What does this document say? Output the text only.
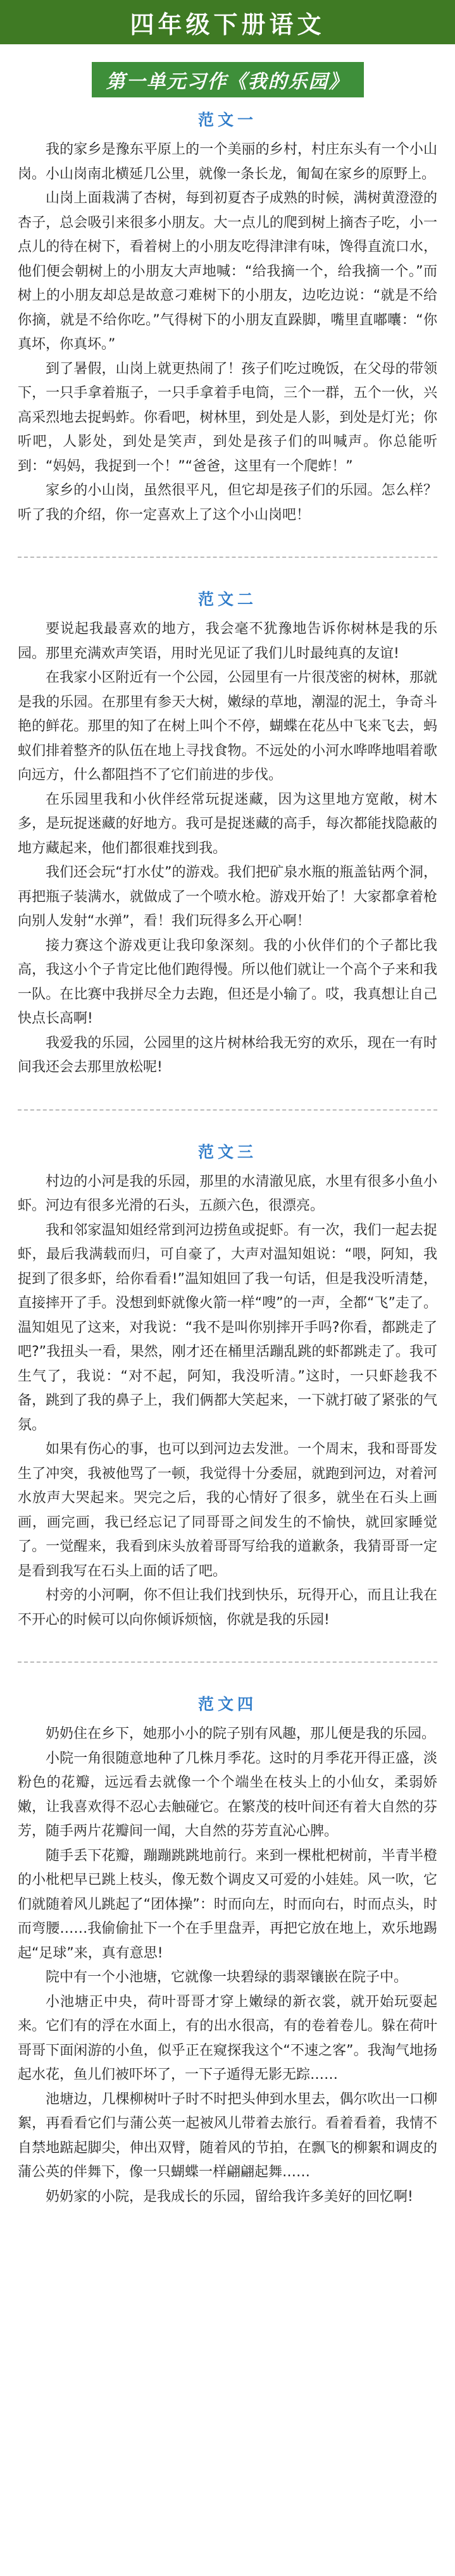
四年级下册语文
第一单元习作《我的乐园》
范文一

我的家乡是豫东平原上的一个美丽的乡村，村庄东头有一个小山岗。小山岗南北横延几公里，就像一条长龙，匍匐在家乡的原野上。

山岗上面栽满了杏树，每到初夏杏子成熟的时候，满树黄澄澄的杏子，总会吸引来很多小朋友。大一点儿的爬到树上摘杏子吃，小一点儿的待在树下，看着树上的小朋友吃得津津有味，馋得直流口水，他们便会朝树上的小朋友大声地喊：“给我摘一个，给我摘一个。”而树上的小朋友却总是故意刁难树下的小朋友，边吃边说：“就是不给你摘，就是不给你吃。”气得树下的小朋友直跺脚，嘴里直嘟囔：“你真坏，你真坏。”

到了暑假，山岗上就更热闹了！孩子们吃过晚饭，在父母的带领下，一只手拿着瓶子，一只手拿着手电筒，三个一群，五个一伙，兴高采烈地去捉蚂蚱。你看吧，树林里，到处是人影，到处是灯光；你听吧，人影处，到处是笑声，到处是孩子们的叫喊声。你总能听到：“妈妈，我捉到一个！”“爸爸，这里有一个爬蚱！”

家乡的小山岗，虽然很平凡，但它却是孩子们的乐园。怎么样？听了我的介绍，你一定喜欢上了这个小山岗吧！

范文二

要说起我最喜欢的地方，我会毫不犹豫地告诉你树林是我的乐园。那里充满欢声笑语，用时光见证了我们儿时最纯真的友谊!

在我家小区附近有一个公园，公园里有一片很茂密的树林，那就是我的乐园。在那里有参天大树，嫩绿的草地，潮湿的泥土，争奇斗艳的鲜花。那里的知了在树上叫个不停，蝴蝶在花丛中飞来飞去，蚂蚁们排着整齐的队伍在地上寻找食物。不远处的小河水哗哗地唱着歌向远方，什么都阻挡不了它们前进的步伐。

在乐园里我和小伙伴经常玩捉迷藏，因为这里地方宽敞，树木多，是玩捉迷藏的好地方。我可是捉迷藏的高手，每次都能找隐蔽的地方藏起来，他们都很难找到我。

我们还会玩“打水仗”的游戏。我们把矿泉水瓶的瓶盖钻两个洞，再把瓶子装满水，就做成了一个喷水枪。游戏开始了！大家都拿着枪向别人发射“水弹”，看！我们玩得多么开心啊！

接力赛这个游戏更让我印象深刻。我的小伙伴们的个子都比我高，我这小个子肯定比他们跑得慢。所以他们就让一个高个子来和我一队。在比赛中我拼尽全力去跑，但还是小输了。哎，我真想让自己快点长高啊!

我爱我的乐园，公园里的这片树林给我无穷的欢乐，现在一有时间我还会去那里放松呢!

范文三

村边的小河是我的乐园，那里的水清澈见底，水里有很多小鱼小虾。河边有很多光滑的石头，五颜六色，很漂亮。

我和邻家温知姐经常到河边捞鱼或捉虾。有一次，我们一起去捉虾，最后我满载而归，可自豪了，大声对温知姐说：“喂，阿知，我捉到了很多虾，给你看看!”温知姐回了我一句话，但是我没听清楚，直接摔开了手。没想到虾就像火箭一样“嗖”的一声，全都“飞”走了。温知姐见了这来，对我说：“我不是叫你别摔开手吗?你看，都跳走了吧?”我扭头一看，果然，刚才还在桶里活蹦乱跳的虾都跳走了。我可生气了，我说：“对不起，阿知，我没听清。”这时，一只虾趁我不备，跳到了我的鼻子上，我们俩都大笑起来，一下就打破了紧张的气氛。

如果有伤心的事，也可以到河边去发泄。一个周末，我和哥哥发生了冲突，我被他骂了一顿，我觉得十分委屈，就跑到河边，对着河水放声大哭起来。哭完之后，我的心情好了很多，就坐在石头上画画，画完画，我已经忘记了同哥哥之间发生的不愉快，就回家睡觉了。一觉醒来，我看到床头放着哥哥写给我的道歉条，我猜哥哥一定是看到我写在石头上面的话了吧。

村旁的小河啊，你不但让我们找到快乐，玩得开心，而且让我在不开心的时候可以向你倾诉烦恼，你就是我的乐园!

范文四

奶奶住在乡下，她那小小的院子别有风趣，那儿便是我的乐园。

小院一角很随意地种了几株月季花。这时的月季花开得正盛，淡粉色的花瓣，远远看去就像一个个端坐在枝头上的小仙女，柔弱娇嫩，让我喜欢得不忍心去触碰它。在繁茂的枝叶间还有着大自然的芬芳，随手两片花瓣间一闻，大自然的芬芳直沁心脾。

随手丢下花瓣，蹦蹦跳跳地前行。来到一棵枇杷树前，半青半橙的小枇杷早已跳上枝头，像无数个调皮又可爱的小娃娃。风一吹，它们就随着风儿跳起了“团体操”：时而向左，时而向右，时而点头，时而弯腰……我偷偷扯下一个在手里盘弄，再把它放在地上，欢乐地踢起“足球”来，真有意思!

院中有一个小池塘，它就像一块碧绿的翡翠镶嵌在院子中。

小池塘正中央，荷叶哥哥才穿上嫩绿的新衣裳，就开始玩耍起来。它们有的浮在水面上，有的出水很高，有的卷着卷儿。躲在荷叶哥哥下面闲游的小鱼，似乎正在窥探我这个“不速之客”。我淘气地扬起水花，鱼儿们被吓坏了，一下子遁得无影无踪……

池塘边，几棵柳树叶子时不时把头伸到水里去，偶尔吹出一口柳絮，再看看它们与蒲公英一起被风儿带着去旅行。看着看着，我情不自禁地踮起脚尖，伸出双臂，随着风的节拍，在飘飞的柳絮和调皮的蒲公英的伴舞下，像一只蝴蝶一样翩翩起舞……

奶奶家的小院，是我成长的乐园，留给我许多美好的回忆啊!
